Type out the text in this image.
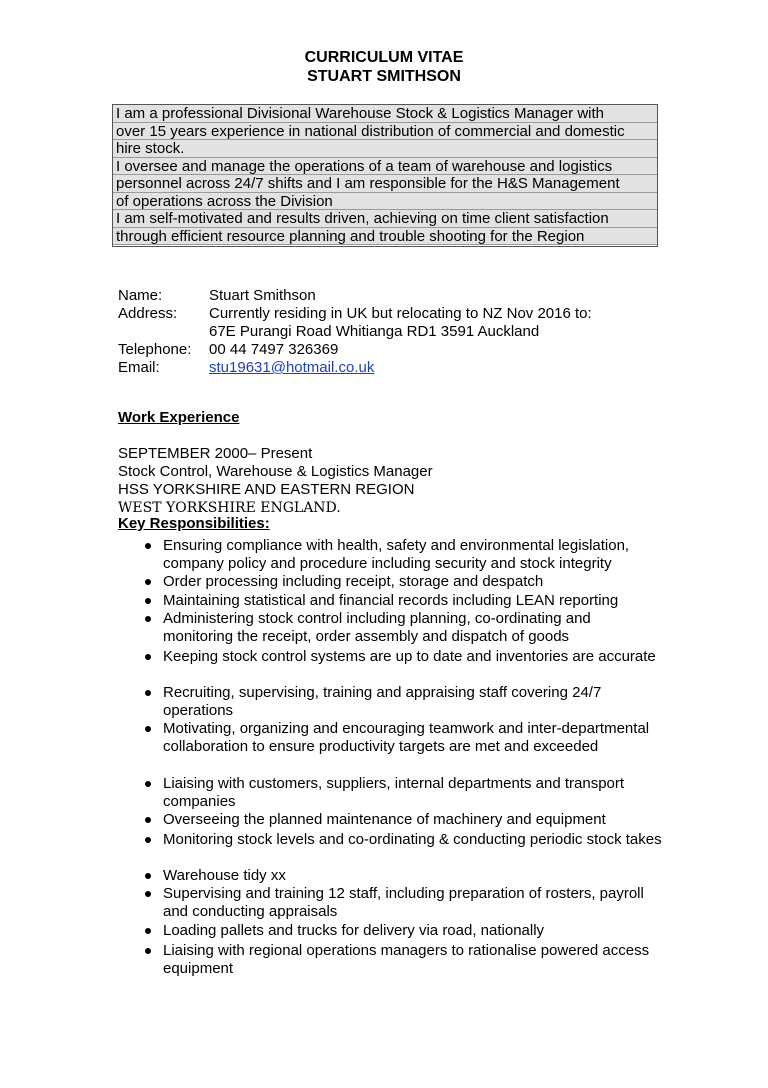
CURRICULUM VITAE
STUART SMITHSON
I am a professional Divisional Warehouse Stock & Logistics Manager with
over 15 years experience in national distribution of commercial and domestic
hire stock.
I oversee and manage the operations of a team of warehouse and logistics
personnel across 24/7 shifts and I am responsible for the H&S Management
of operations across the Division
I am self-motivated and results driven, achieving on time client satisfaction
through efficient resource planning and trouble shooting for the Region
Name:	Stuart Smithson
Address: Currently residing in UK but relocating to NZ Nov 2016 to:
67E Purangi Road Whitianga RD1 3591 Auckland
Telephone: 00 44 7497 326369
Email:	stu19631@hotmail.co.uk
Work Experience
SEPTEMBER 2000– Present
Stock Control, Warehouse & Logistics Manager
HSS YORKSHIRE AND EASTERN REGION
WEST YORKSHIRE ENGLAND.
Key Responsibilities:
Ensuring compliance with health, safety and environmental legislation, company policy and procedure including security and stock integrity
Order processing including receipt, storage and despatch
Maintaining statistical and financial records including LEAN reporting
Administering stock control including planning, co-ordinating and monitoring the receipt, order assembly and dispatch of goods
Keeping stock control systems are up to date and inventories are accurate
Recruiting, supervising, training and appraising staff covering 24/7 operations
Motivating, organizing and encouraging teamwork and inter-departmental collaboration to ensure productivity targets are met and exceeded
Liaising with customers, suppliers, internal departments and transport companies
Overseeing the planned maintenance of machinery and equipment
Monitoring stock levels and co-ordinating & conducting periodic stock takes
Warehouse tidy xx
Supervising and training 12 staff, including preparation of rosters, payroll and conducting appraisals
Loading pallets and trucks for delivery via road, nationally
Liaising with regional operations managers to rationalise powered access equipment
